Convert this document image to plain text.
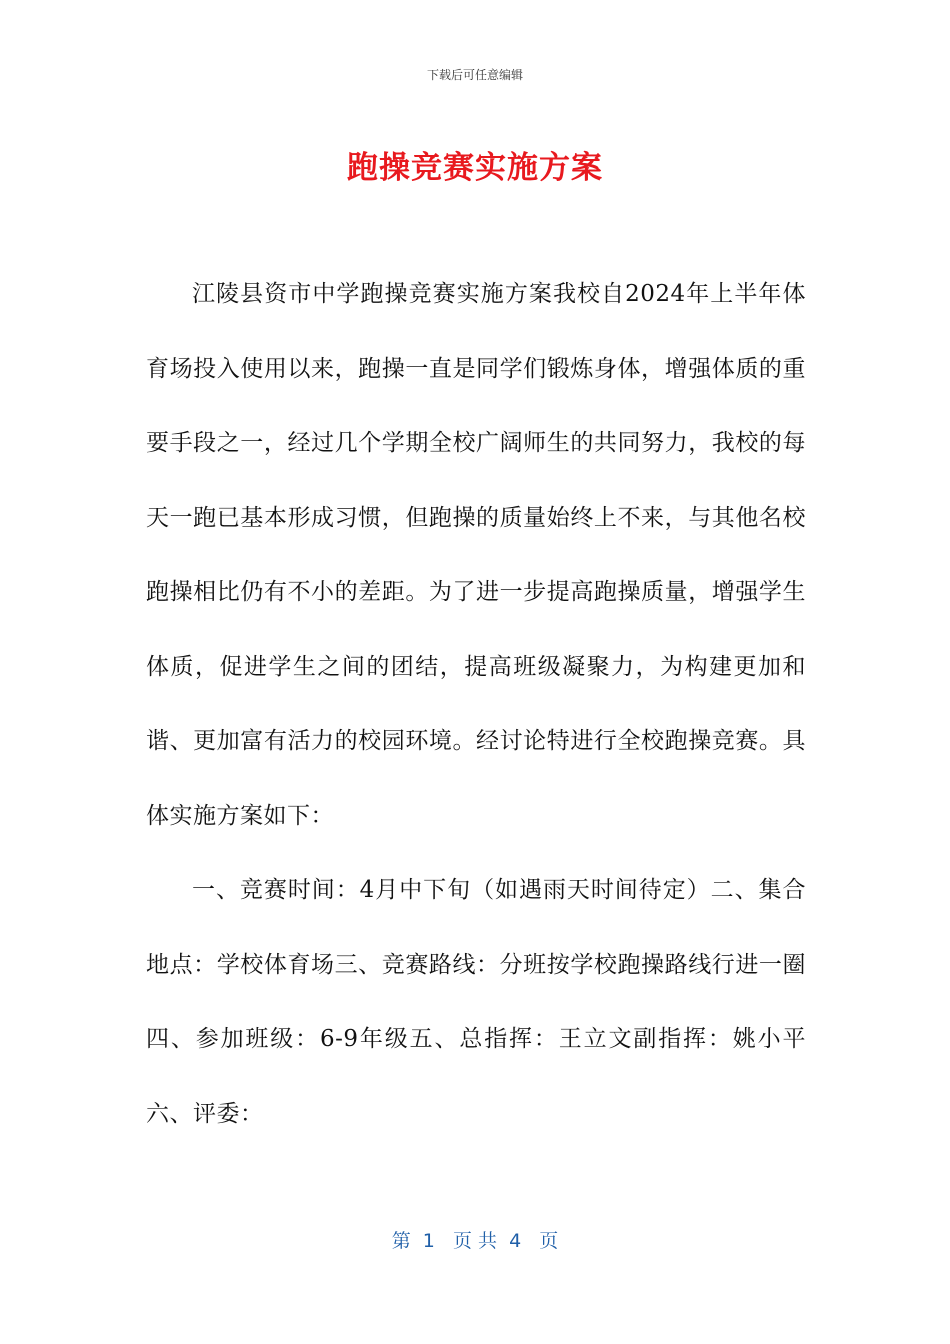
下载后可任意编辑
跑操竞赛实施方案

江陵县资市中学跑操竞赛实施方案我校自2024年上半年体育场投入使用以来，跑操一直是同学们锻炼身体，增强体质的重要手段之一，经过几个学期全校广阔师生的共同努力，我校的每天一跑已基本形成习惯，但跑操的质量始终上不来，与其他名校跑操相比仍有不小的差距。为了进一步提高跑操质量，增强学生体质，促进学生之间的团结，提高班级凝聚力，为构建更加和谐、更加富有活力的校园环境。经讨论特进行全校跑操竞赛。具体实施方案如下：

一、竞赛时间：4月中下旬（如遇雨天时间待定）二、集合地点：学校体育场三、竞赛路线：分班按学校跑操路线行进一圈四、参加班级：6-9年级五、总指挥：王立文副指挥：姚小平六、评委：

第  1   页 共  4   页
